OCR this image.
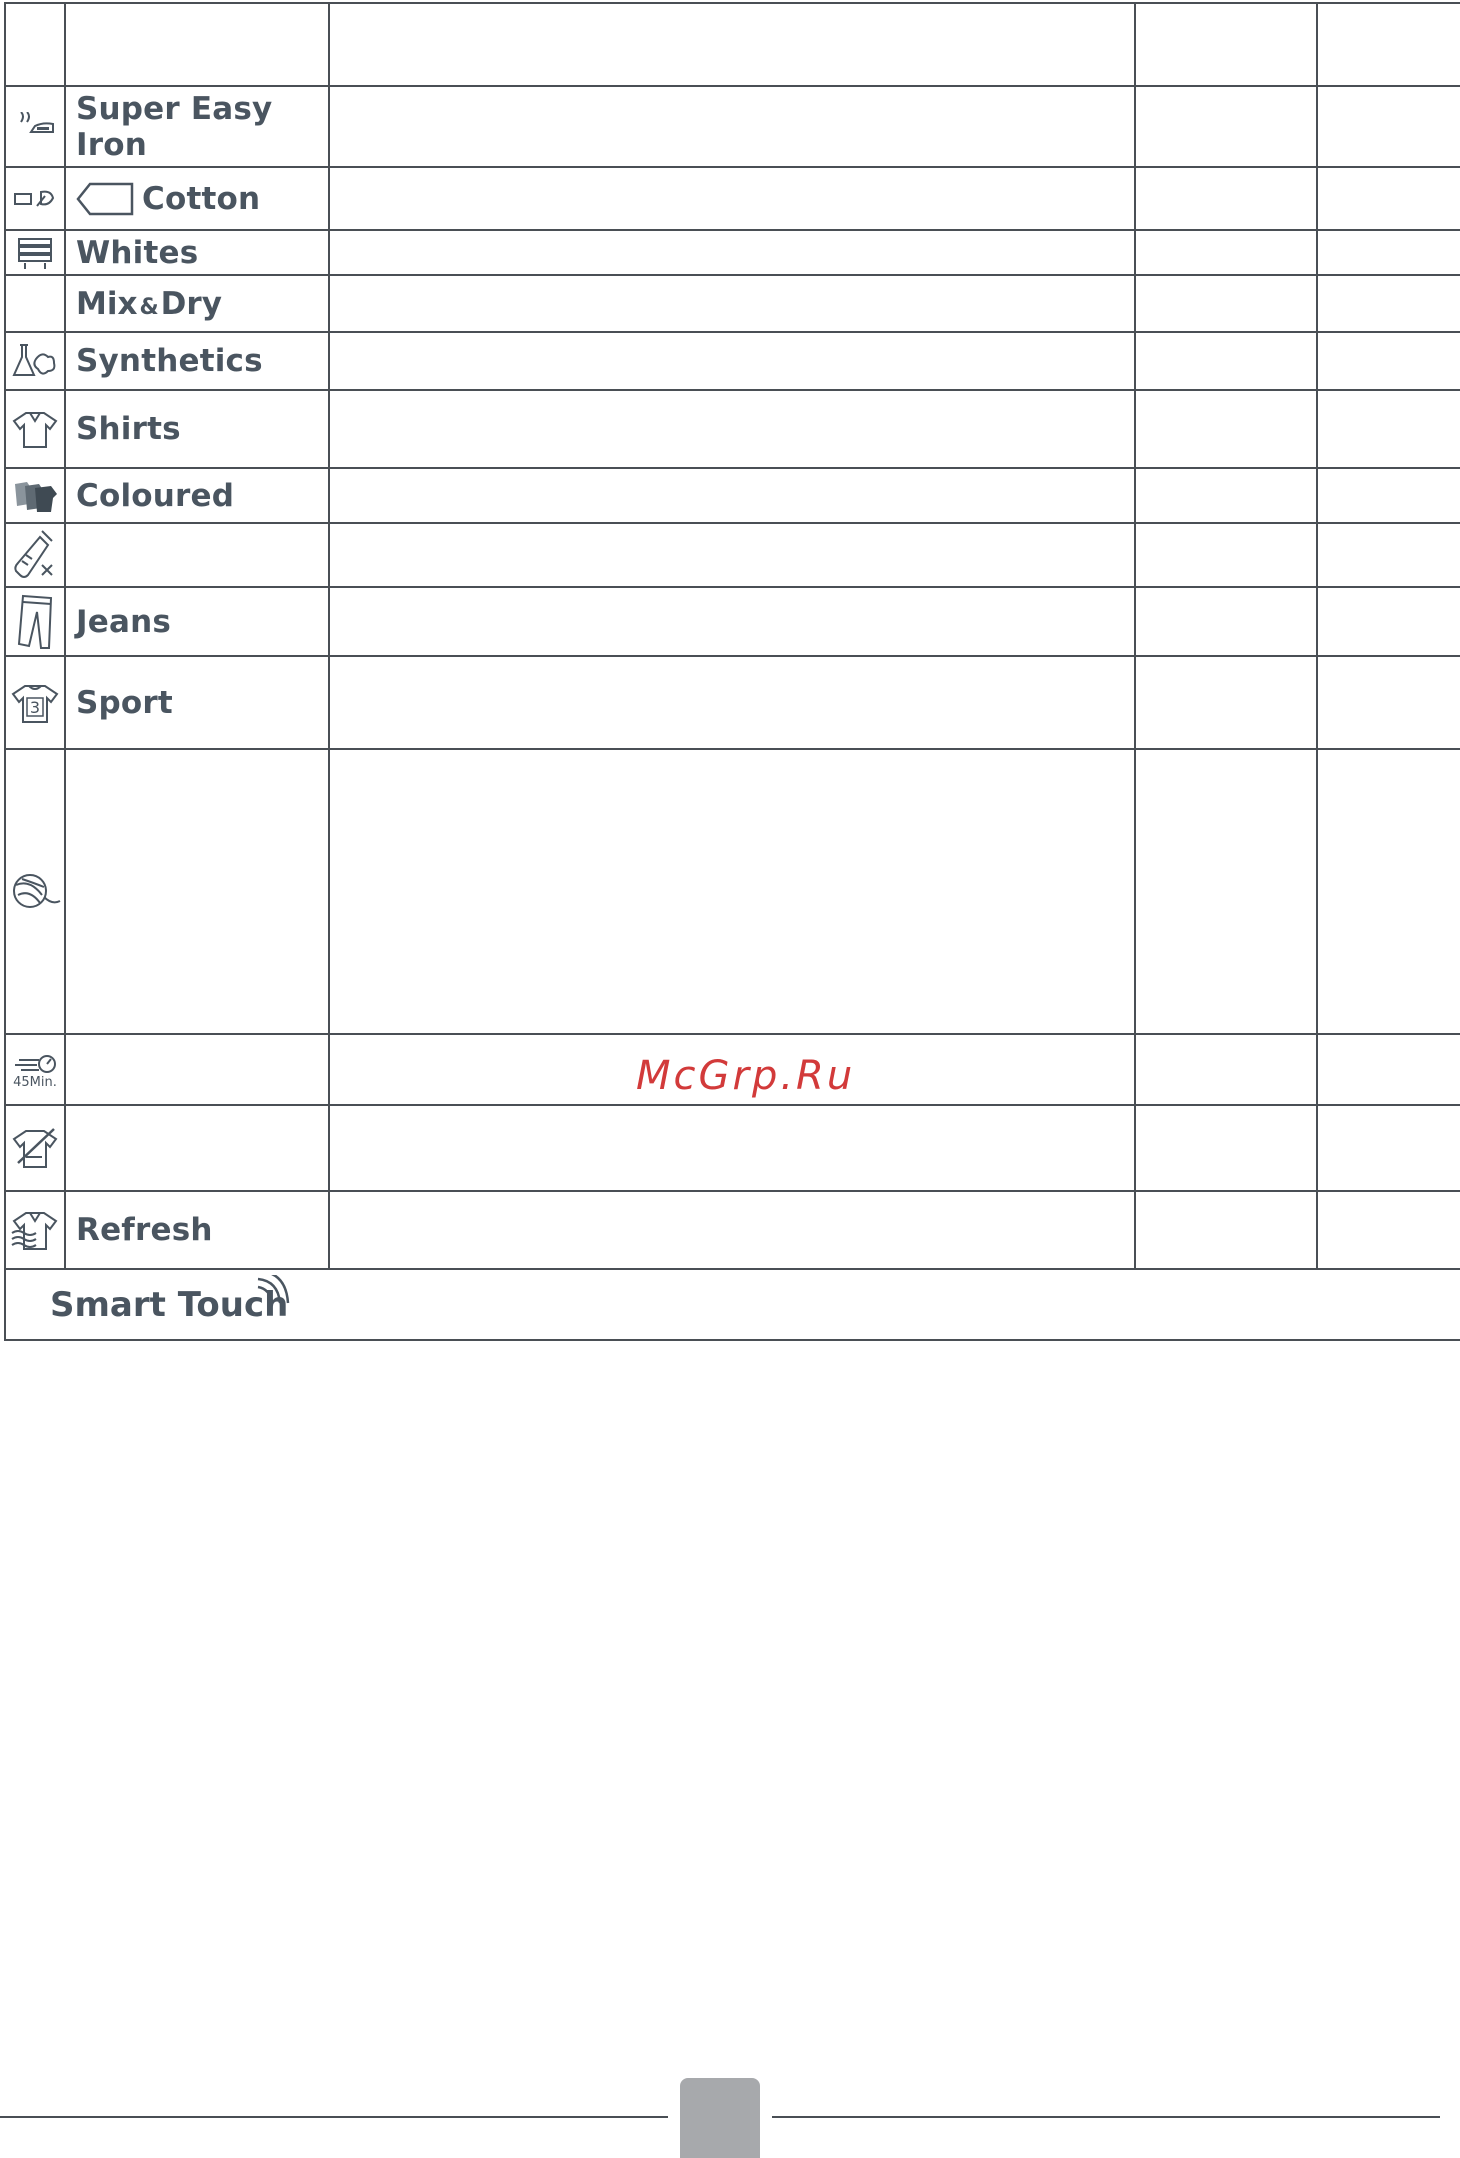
Super Easy Iron			

Cotton			

Whites			

	Mix&Dry			

Synthetics			

Shirts			

Coloured			

Jeans			

3	Sport			

45Min.				

Refresh			

Smart Touch				
McGrp.Ru
